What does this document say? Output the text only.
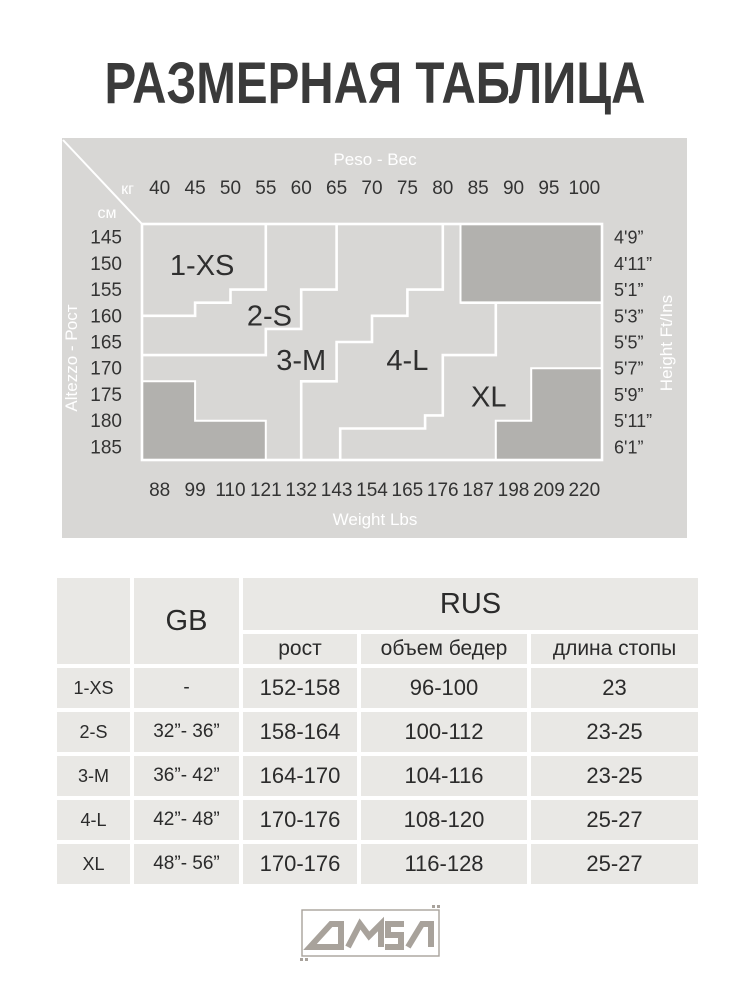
РАЗМЕРНАЯ ТАБЛИЦА
Peso - Вес
кг 40 45 50 55 60 65 70 75 80 85 90 95 100
см
145
150
155
160
165
170
175
180
185
Altezzo - Рост
4'9”
4'11”
5'1”
5'3”
5'5”
5'7”
5'9”
5'11”
6'1”
Height Ft/Ins
88 99 110 121 132 143 154 165 176 187 198 209 220
Weight Lbs
1-XS
2-S
3-M 4-L
XL
GB
RUS
рост	объем бедер	длина стопы
1-XS	-	152-158	96-100	23
2-S	32”- 36”	158-164	100-112	23-25
3-M	36”- 42”	164-170	104-116	23-25
4-L	42”- 48”	170-176	108-120	25-27
XL	48”- 56”	170-176	116-128	25-27
